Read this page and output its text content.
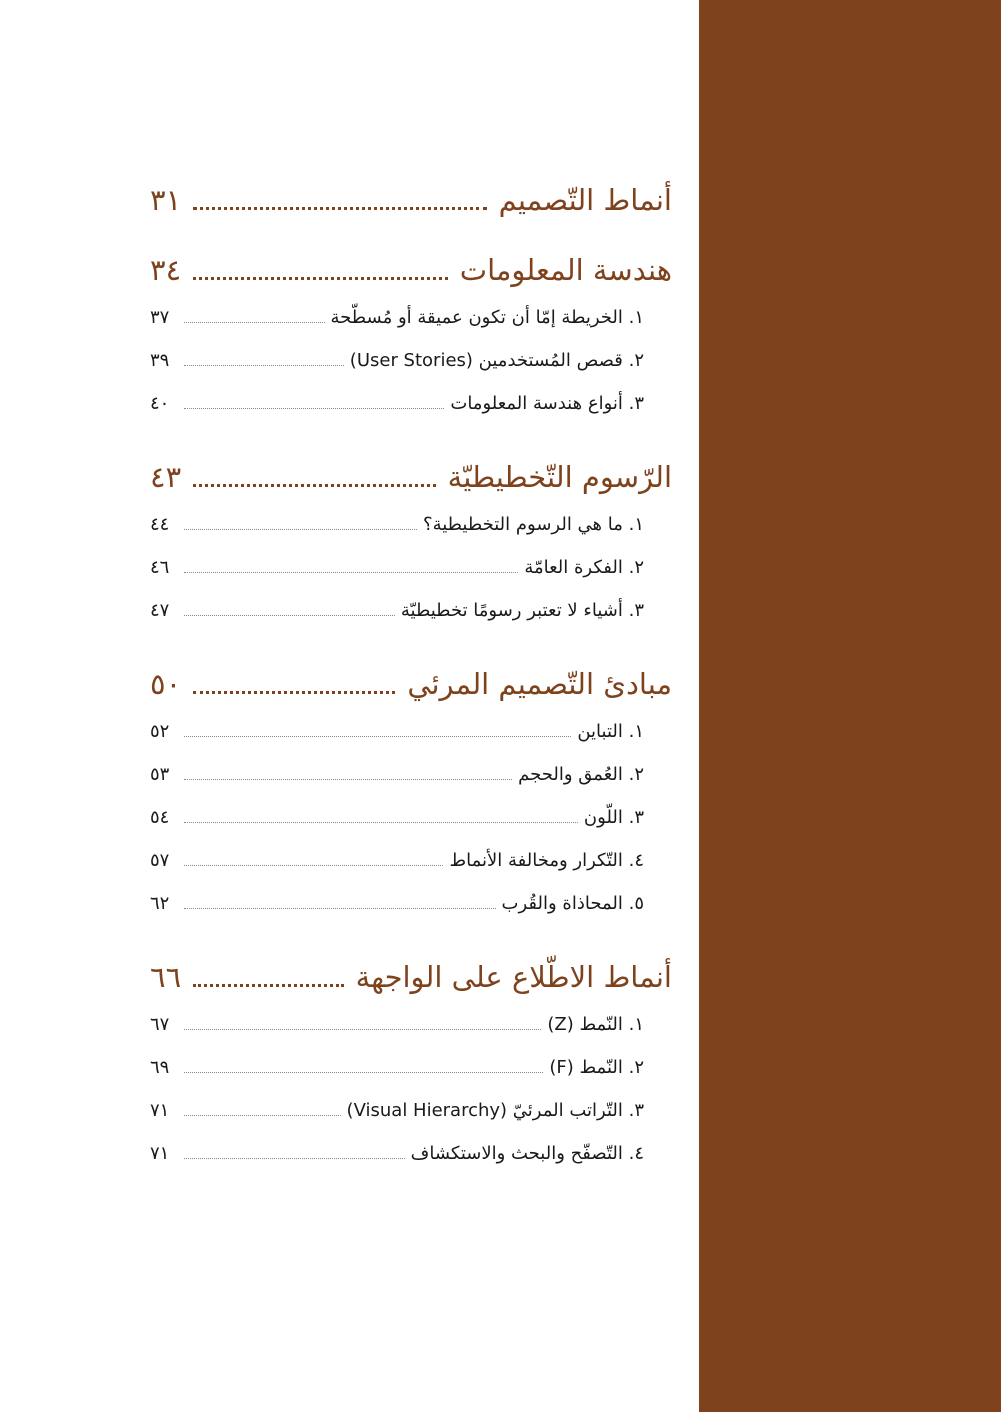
أنماط التّصميم
٣١
هندسة المعلومات
٣٤
١. الخريطة إمّا أن تكون عميقة أو مُسطّحة
٣٧
٢. قصص المُستخدمين (User Stories)
٣٩
٣. أنواع هندسة المعلومات
٤٠
الرّسوم التّخطيطيّة
٤٣
١. ما هي الرسوم التخطيطية؟
٤٤
٢. الفكرة العامّة
٤٦
٣. أشياء لا تعتبر رسومًا تخطيطيّة
٤٧
مبادئ التّصميم المرئي
٥٠
١. التباين
٥٢
٢. العُمق والحجم
٥٣
٣. اللّون
٥٤
٤. التّكرار ومخالفة الأنماط
٥٧
٥. المحاذاة والقُرب
٦٢
أنماط الاطّلاع على الواجهة
٦٦
١. النّمط (Z)
٦٧
٢. النّمط (F)
٦٩
٣. التّراتب المرئيّ (Visual Hierarchy)
٧١
٤. التّصفّح والبحث والاستكشاف
٧١
